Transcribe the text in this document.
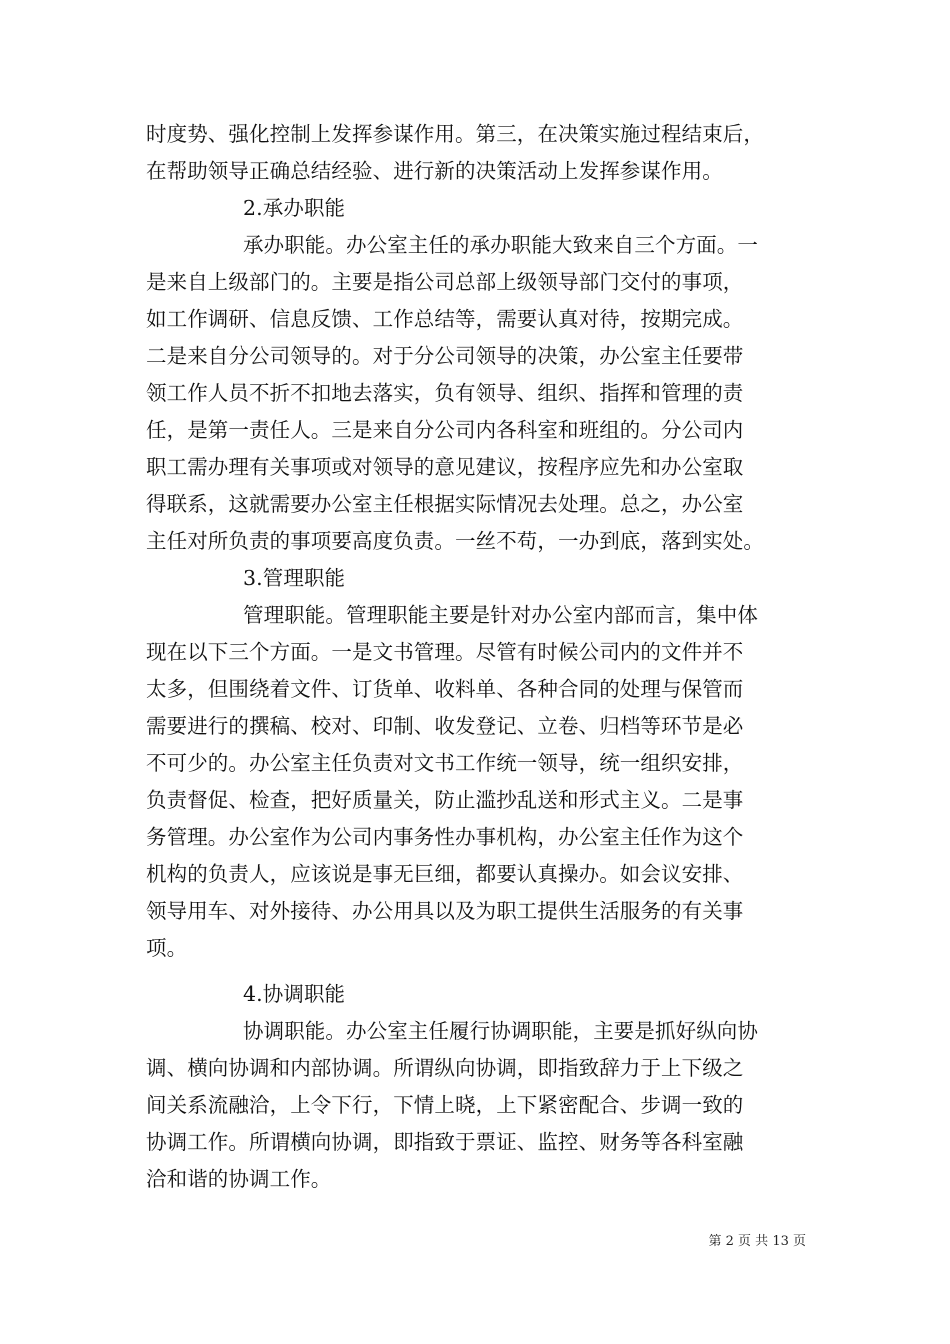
时度势、强化控制上发挥参谋作用。第三，在决策实施过程结束后，
在帮助领导正确总结经验、进行新的决策活动上发挥参谋作用。
2.承办职能
承办职能。办公室主任的承办职能大致来自三个方面。一
是来自上级部门的。主要是指公司总部上级领导部门交付的事项，
如工作调研、信息反馈、工作总结等，需要认真对待，按期完成。
二是来自分公司领导的。对于分公司领导的决策，办公室主任要带
领工作人员不折不扣地去落实，负有领导、组织、指挥和管理的责
任，是第一责任人。三是来自分公司内各科室和班组的。分公司内
职工需办理有关事项或对领导的意见建议，按程序应先和办公室取
得联系，这就需要办公室主任根据实际情况去处理。总之，办公室
主任对所负责的事项要高度负责。一丝不苟，一办到底，落到实处。
3.管理职能
管理职能。管理职能主要是针对办公室内部而言，集中体
现在以下三个方面。一是文书管理。尽管有时候公司内的文件并不
太多，但围绕着文件、订货单、收料单、各种合同的处理与保管而
需要进行的撰稿、校对、印制、收发登记、立卷、归档等环节是必
不可少的。办公室主任负责对文书工作统一领导，统一组织安排，
负责督促、检查，把好质量关，防止滥抄乱送和形式主义。二是事
务管理。办公室作为公司内事务性办事机构，办公室主任作为这个
机构的负责人，应该说是事无巨细，都要认真操办。如会议安排、
领导用车、对外接待、办公用具以及为职工提供生活服务的有关事
项。
4.协调职能
协调职能。办公室主任履行协调职能，主要是抓好纵向协
调、横向协调和内部协调。所谓纵向协调，即指致辞力于上下级之
间关系流融洽，上令下行，下情上晓，上下紧密配合、步调一致的
协调工作。所谓横向协调，即指致于票证、监控、财务等各科室融
洽和谐的协调工作。
第 2 页 共 13 页
